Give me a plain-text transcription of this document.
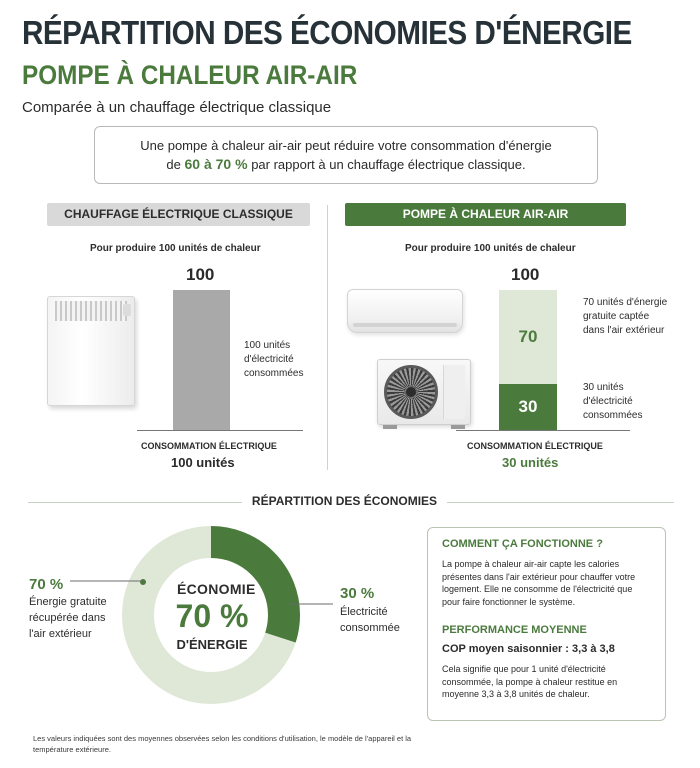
RÉPARTITION DES ÉCONOMIES D'ÉNERGIE
POMPE À CHALEUR AIR-AIR
Comparée à un chauffage électrique classique
Une pompe à chaleur air-air peut réduire votre consommation d'énergie
de 60 à 70 % par rapport à un chauffage électrique classique.
CHAUFFAGE ÉLECTRIQUE CLASSIQUE
Pour produire 100 unités de chaleur
100
100 unités d'électricité consommées
CONSOMMATION ÉLECTRIQUE
100 unités
POMPE À CHALEUR AIR-AIR
Pour produire 100 unités de chaleur
100
70
30
70 unités d'énergie gratuite captée dans l'air extérieur
30 unités d'électricité consommées
CONSOMMATION ÉLECTRIQUE
30 unités
RÉPARTITION DES ÉCONOMIES
ÉCONOMIE
70 %
D'ÉNERGIE
70 %
Énergie gratuite récupérée dans l'air extérieur
30 %
Électricité consommée
COMMENT ÇA FONCTIONNE ?
La pompe à chaleur air-air capte les calories présentes dans l'air extérieur pour chauffer votre logement. Elle ne consomme de l'électricité que pour faire fonctionner le système.
PERFORMANCE MOYENNE
COP moyen saisonnier : 3,3 à 3,8
Cela signifie que pour 1 unité d'électricité consommée, la pompe à chaleur restitue en moyenne 3,3 à 3,8 unités de chaleur.
Les valeurs indiquées sont des moyennes observées selon les conditions d'utilisation, le modèle de l'appareil et la température extérieure.
